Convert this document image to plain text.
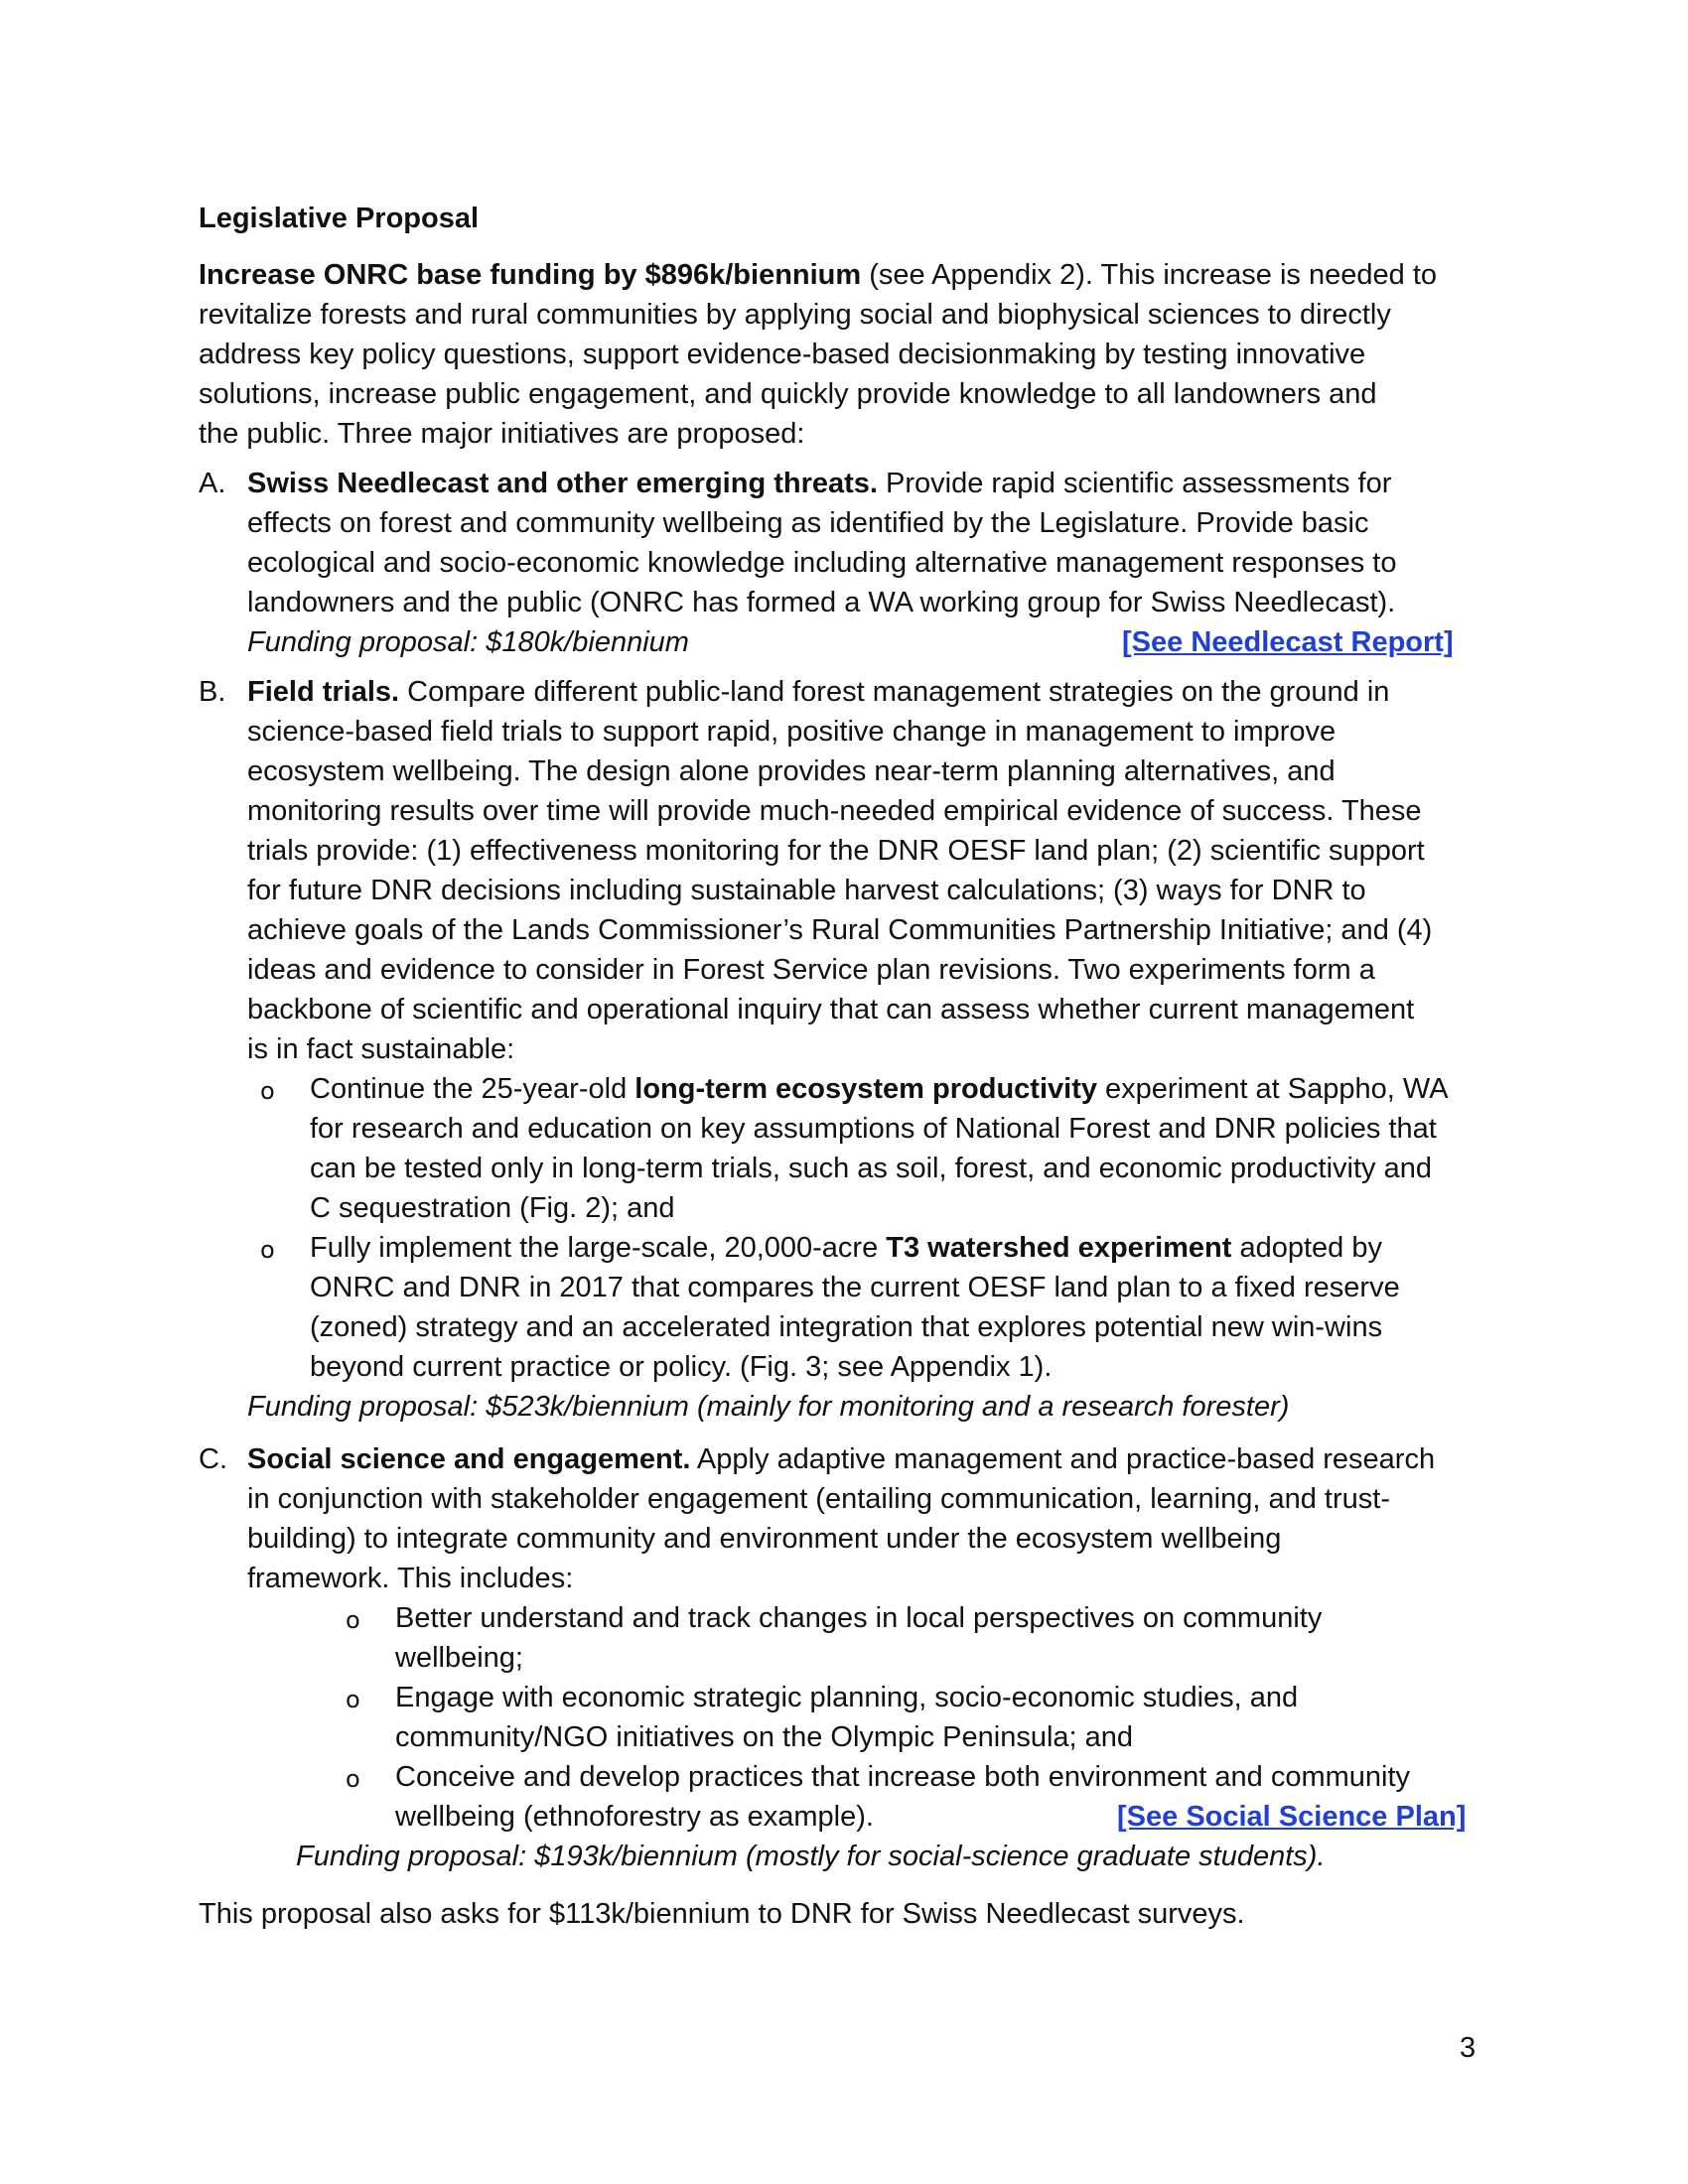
Legislative Proposal
Increase ONRC base funding by $896k/biennium (see Appendix 2). This increase is needed to
revitalize forests and rural communities by applying social and biophysical sciences to directly
address key policy questions, support evidence-based decisionmaking by testing innovative
solutions, increase public engagement, and quickly provide knowledge to all landowners and
the public. Three major initiatives are proposed:
A. Swiss Needlecast and other emerging threats. Provide rapid scientific assessments for
effects on forest and community wellbeing as identified by the Legislature. Provide basic
ecological and socio-economic knowledge including alternative management responses to
landowners and the public (ONRC has formed a WA working group for Swiss Needlecast).
Funding proposal: $180k/biennium	[See Needlecast Report]
B. Field trials. Compare different public-land forest management strategies on the ground in
science-based field trials to support rapid, positive change in management to improve
ecosystem wellbeing. The design alone provides near-term planning alternatives, and
monitoring results over time will provide much-needed empirical evidence of success. These
trials provide: (1) effectiveness monitoring for the DNR OESF land plan; (2) scientific support
for future DNR decisions including sustainable harvest calculations; (3) ways for DNR to
achieve goals of the Lands Commissioner’s Rural Communities Partnership Initiative; and (4)
ideas and evidence to consider in Forest Service plan revisions. Two experiments form a
backbone of scientific and operational inquiry that can assess whether current management
is in fact sustainable:
o Continue the 25-year-old long-term ecosystem productivity experiment at Sappho, WA
for research and education on key assumptions of National Forest and DNR policies that
can be tested only in long-term trials, such as soil, forest, and economic productivity and
C sequestration (Fig. 2); and
o Fully implement the large-scale, 20,000-acre T3 watershed experiment adopted by
ONRC and DNR in 2017 that compares the current OESF land plan to a fixed reserve
(zoned) strategy and an accelerated integration that explores potential new win-wins
beyond current practice or policy. (Fig. 3; see Appendix 1).
Funding proposal: $523k/biennium (mainly for monitoring and a research forester)
C. Social science and engagement. Apply adaptive management and practice-based research
in conjunction with stakeholder engagement (entailing communication, learning, and trust-
building) to integrate community and environment under the ecosystem wellbeing
framework. This includes:
o Better understand and track changes in local perspectives on community
wellbeing;
o Engage with economic strategic planning, socio-economic studies, and
community/NGO initiatives on the Olympic Peninsula; and
o Conceive and develop practices that increase both environment and community
wellbeing (ethnoforestry as example).	[See Social Science Plan]
Funding proposal: $193k/biennium (mostly for social-science graduate students).
This proposal also asks for $113k/biennium to DNR for Swiss Needlecast surveys.
3
